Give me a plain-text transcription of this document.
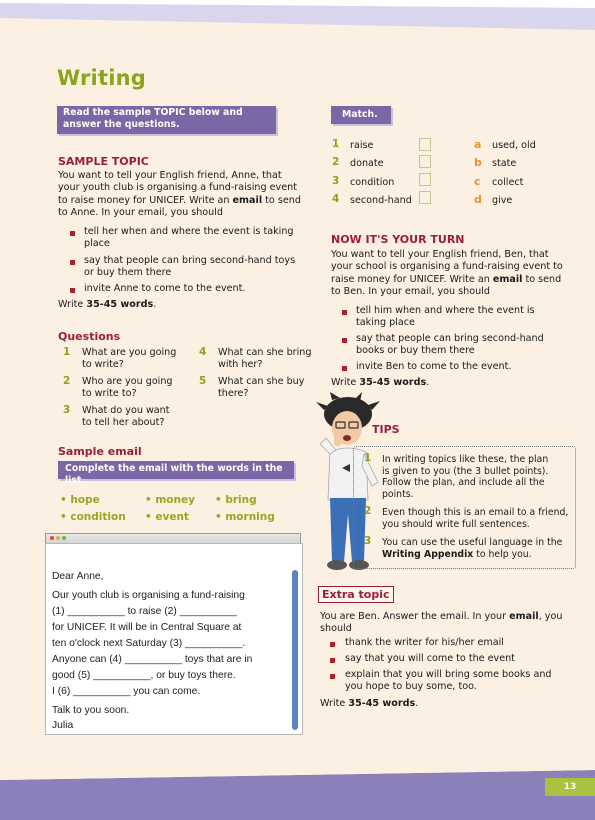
13
Writing
Read the sample TOPIC below and answer the questions.
SAMPLE TOPIC
You want to tell your English friend, Anne, that
your youth club is organising a fund-raising event
to raise money for UNICEF. Write an email to send
to Anne. In your email, you should
tell her when and where the event is taking
place
say that people can bring second-hand toys
or buy them there
invite Anne to come to the event.
Write 35-45 words.
Questions
1 What are you going
to write?
2 Who are you going
to write to?
3 What do you want
to tell her about?
4 What can she bring
with her?
5 What can she buy
there?
Sample email
Complete the email with the words in the list.
• hope	• money • bring
• condition • event • morning
Dear Anne,
Our youth club is organising a fund-raising
(1) __________ to raise (2) __________
for UNICEF. It will be in Central Square at
ten o'clock next Saturday (3) __________.
Anyone can (4) __________ toys that are in
good (5) __________, or buy toys there.
I (6) __________ you can come.
Talk to you soon.
Julia
Match.
1 raise
2 donate
3 condition
4 second-hand
a used, old
b state
c collect
d give
NOW IT'S YOUR TURN
You want to tell your English friend, Ben, that
your school is organising a fund-raising event to
raise money for UNICEF. Write an email to send
to Ben. In your email, you should
tell him when and where the event is
taking place
say that people can bring second-hand
books or buy them there
invite Ben to come to the event.
Write 35-45 words.
TIPS
1 In writing topics like these, the plan
is given to you (the 3 bullet points).
Follow the plan, and include all the
points.
2 Even though this is an email to a friend,
you should write full sentences.
3 You can use the useful language in the
Writing Appendix to help you.
Extra topic
You are Ben. Answer the email. In your email, you
should
thank the writer for his/her email
say that you will come to the event
explain that you will bring some books and
you hope to buy some, too.
Write 35-45 words.
